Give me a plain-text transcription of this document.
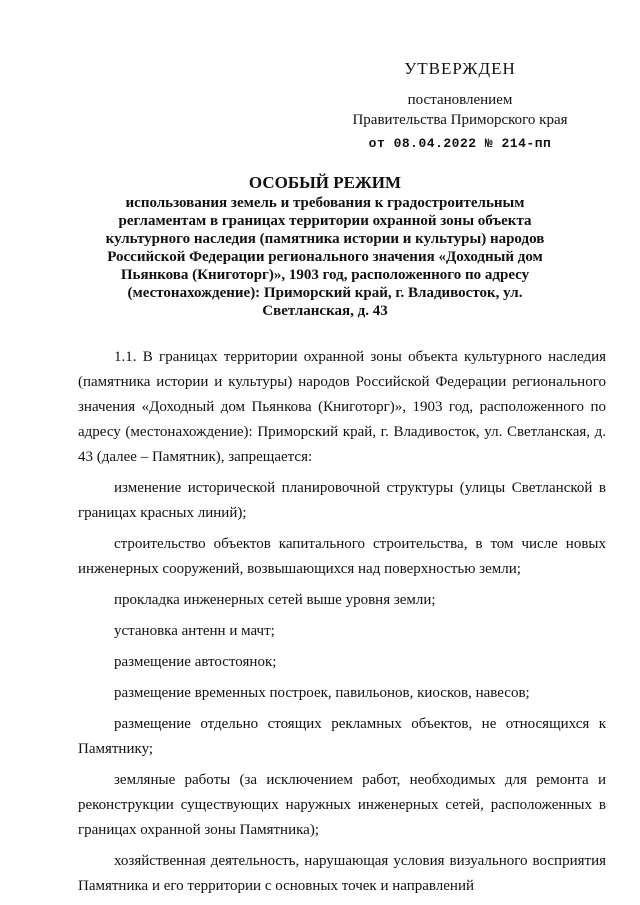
УТВЕРЖДЕН
постановлением
Правительства Приморского края
от 08.04.2022 № 214-пп
ОСОБЫЙ РЕЖИМ
использования земель и требования к градостроительным регламентам в границах территории охранной зоны объекта культурного наследия (памятника истории и культуры) народов Российской Федерации регионального значения «Доходный дом Пьянкова (Книготорг)», 1903 год, расположенного по адресу (местонахождение): Приморский край, г. Владивосток, ул. Светланская, д. 43

1.1. В границах территории охранной зоны объекта культурного наследия (памятника истории и культуры) народов Российской Федерации регионального значения «Доходный дом Пьянкова (Книготорг)», 1903 год, расположенного по адресу (местонахождение): Приморский край, г. Владивосток, ул. Светланская, д. 43 (далее – Памятник), запрещается:

изменение исторической планировочной структуры (улицы Светланской в границах красных линий);

строительство объектов капитального строительства, в том числе новых инженерных сооружений, возвышающихся над поверхностью земли;

прокладка инженерных сетей выше уровня земли;

установка антенн и мачт;

размещение автостоянок;

размещение временных построек, павильонов, киосков, навесов;

размещение отдельно стоящих рекламных объектов, не относящихся к Памятнику;

земляные работы (за исключением работ, необходимых для ремонта и реконструкции существующих наружных инженерных сетей, расположенных в границах охранной зоны Памятника);

хозяйственная деятельность, нарушающая условия визуального восприятия Памятника и его территории с основных точек и направлений
